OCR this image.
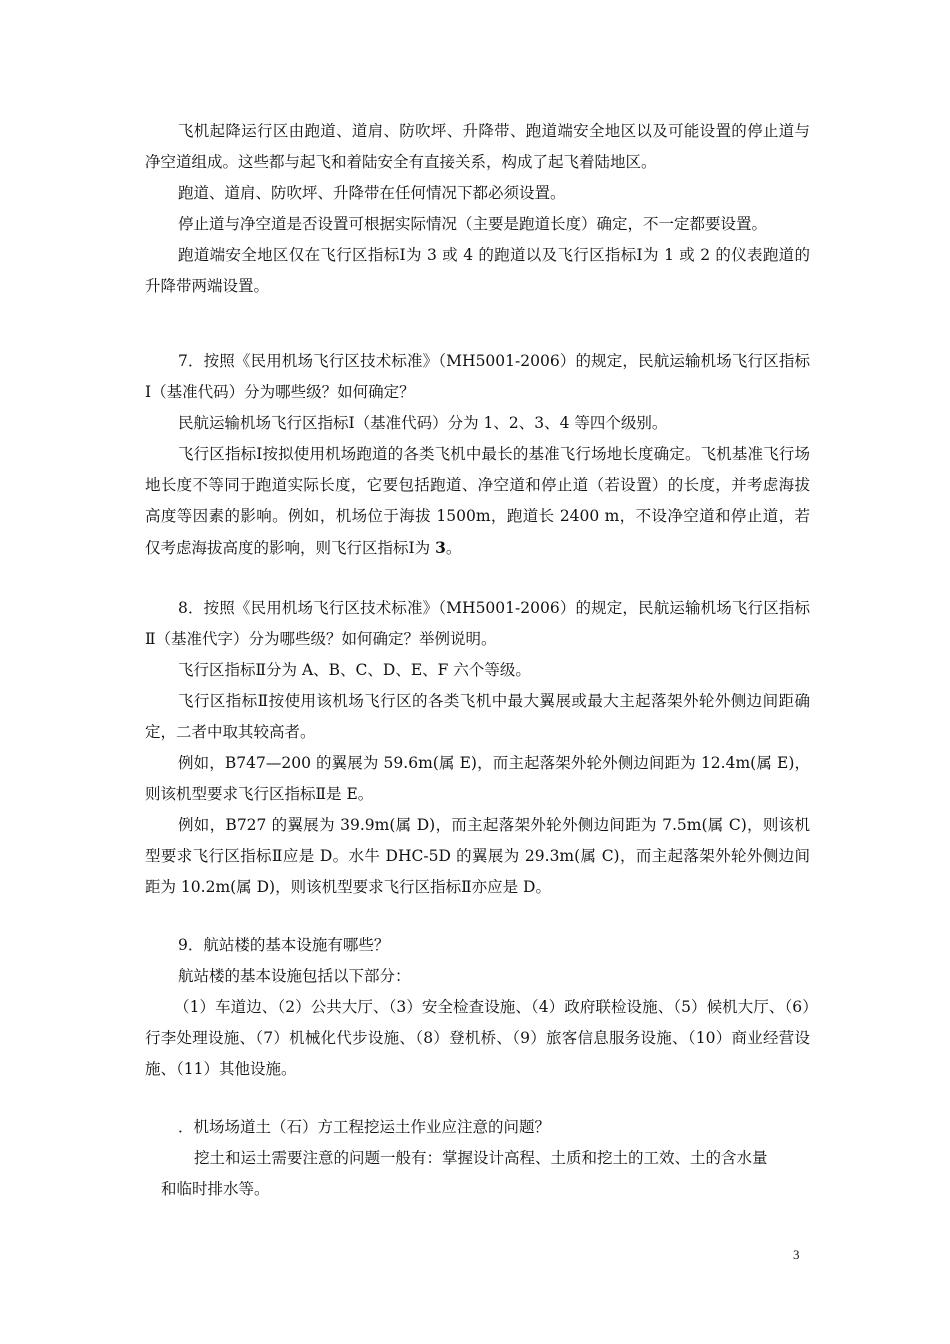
飞机起降运行区由跑道、道肩、防吹坪、升降带、跑道端安全地区以及可能设置的停止道与净空道组成。这些都与起飞和着陆安全有直接关系，构成了起飞着陆地区。

跑道、道肩、防吹坪、升降带在任何情况下都必须设置。

停止道与净空道是否设置可根据实际情况（主要是跑道长度）确定，不一定都要设置。

跑道端安全地区仅在飞行区指标Ⅰ为 3 或 4 的跑道以及飞行区指标Ⅰ为 1 或 2 的仪表跑道的升降带两端设置。

7．按照《民用机场飞行区技术标准》（MH5001-2006）的规定，民航运输机场飞行区指标Ⅰ（基准代码）分为哪些级？如何确定？

民航运输机场飞行区指标Ⅰ（基准代码）分为 1、2、3、4 等四个级别。

飞行区指标Ⅰ按拟使用机场跑道的各类飞机中最长的基准飞行场地长度确定。飞机基准飞行场地长度不等同于跑道实际长度，它要包括跑道、净空道和停止道（若设置）的长度，并考虑海拔高度等因素的影响。例如，机场位于海拔 1500m，跑道长 2400 m，不设净空道和停止道，若仅考虑海拔高度的影响，则飞行区指标Ⅰ为 3。

8．按照《民用机场飞行区技术标准》（MH5001-2006）的规定，民航运输机场飞行区指标Ⅱ（基准代字）分为哪些级？如何确定？举例说明。

飞行区指标Ⅱ分为 A、B、C、D、E、F 六个等级。

飞行区指标Ⅱ按使用该机场飞行区的各类飞机中最大翼展或最大主起落架外轮外侧边间距确定，二者中取其较高者。

例如，B747—200 的翼展为 59.6m(属 E)，而主起落架外轮外侧边间距为 12.4m(属 E)，则该机型要求飞行区指标Ⅱ是 E。

例如，B727 的翼展为 39.9m(属 D)，而主起落架外轮外侧边间距为 7.5m(属 C)，则该机型要求飞行区指标Ⅱ应是 D。水牛 DHC-5D 的翼展为 29.3m(属 C)，而主起落架外轮外侧边间距为 10.2m(属 D)，则该机型要求飞行区指标Ⅱ亦应是 D。

9．航站楼的基本设施有哪些？

航站楼的基本设施包括以下部分：

（1）车道边、（2）公共大厅、（3）安全检查设施、（4）政府联检设施、（5）候机大厅、（6）行李处理设施、（7）机械化代步设施、（8）登机桥、（9）旅客信息服务设施、（10）商业经营设施、（11）其他设施。

．机场场道土（石）方工程挖运土作业应注意的问题？

挖土和运土需要注意的问题一般有：掌握设计高程、土质和挖土的工效、土的含水量
和临时排水等。

3
